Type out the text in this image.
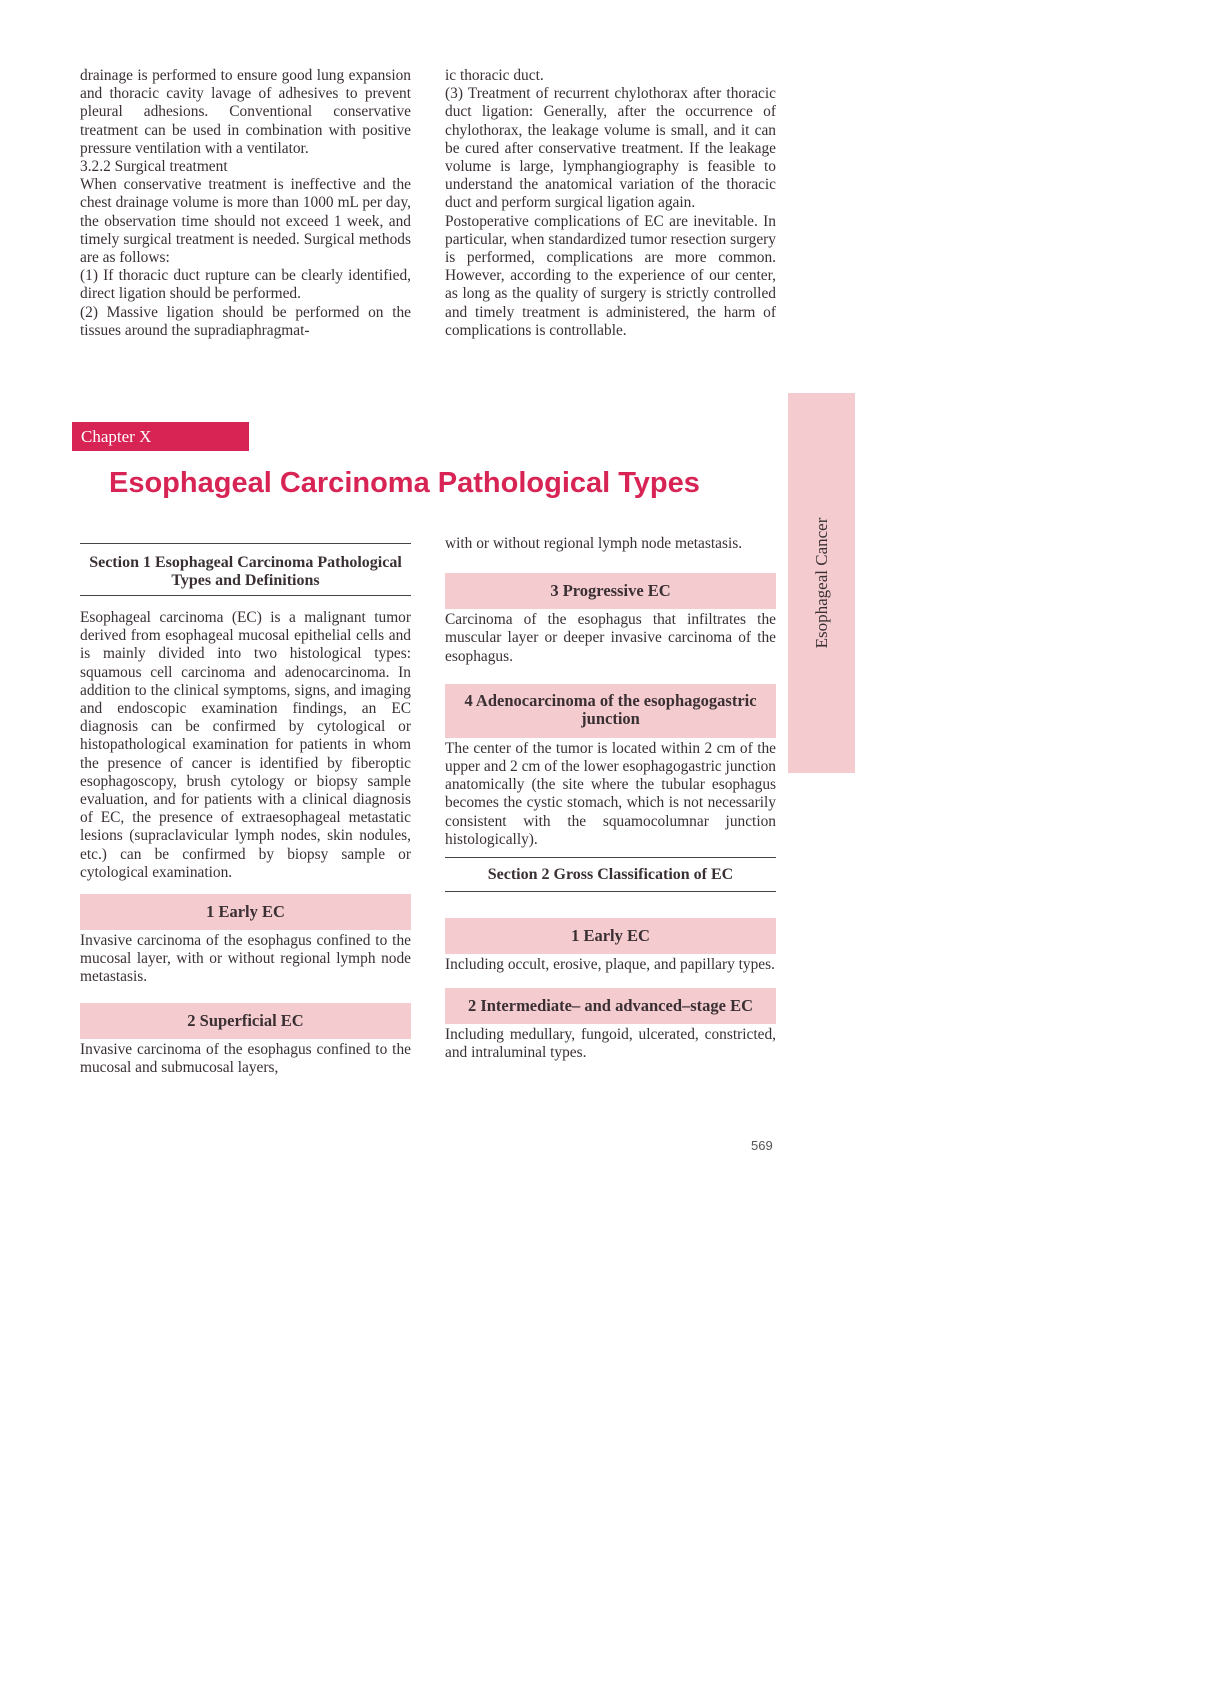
drainage is performed to ensure good lung expansion and thoracic cavity lavage of adhesives to prevent pleural adhesions. Conventional conservative treatment can be used in combination with positive pressure ventilation with a ventilator.

3.2.2 Surgical treatment

When conservative treatment is ineffective and the chest drainage volume is more than 1000 mL per day, the observation time should not exceed 1 week, and timely surgical treatment is needed. Surgical methods are as follows:

(1) If thoracic duct rupture can be clearly identified, direct ligation should be performed.

(2) Massive ligation should be performed on the tissues around the supradiaphragmat-

ic thoracic duct.

(3) Treatment of recurrent chylothorax after thoracic duct ligation: Generally, after the occurrence of chylothorax, the leakage volume is small, and it can be cured after conservative treatment. If the leakage volume is large, lymphangiography is feasible to understand the anatomical variation of the thoracic duct and perform surgical ligation again.

Postoperative complications of EC are inevitable. In particular, when standardized tumor resection surgery is performed, complications are more common. However, according to the experience of our center, as long as the quality of surgery is strictly controlled and timely treatment is administered, the harm of complications is controllable.

Chapter X
Esophageal Carcinoma Pathological Types
Esophageal Cancer
Section 1 Esophageal Carcinoma Pathological Types and Definitions

Esophageal carcinoma (EC) is a malignant tumor derived from esophageal mucosal epithelial cells and is mainly divided into two histological types: squamous cell carcinoma and adenocarcinoma. In addition to the clinical symptoms, signs, and imaging and endoscopic examination findings, an EC diagnosis can be confirmed by cytological or histopathological examination for patients in whom the presence of cancer is identified by fiberoptic esophagoscopy, brush cytology or biopsy sample evaluation, and for patients with a clinical diagnosis of EC, the presence of extraesophageal metastatic lesions (supraclavicular lymph nodes, skin nodules, etc.) can be confirmed by biopsy sample or cytological examination.

1 Early EC

Invasive carcinoma of the esophagus confined to the mucosal layer, with or without regional lymph node metastasis.

2 Superficial EC

Invasive carcinoma of the esophagus confined to the mucosal and submucosal layers,

with or without regional lymph node metastasis.

3 Progressive EC

Carcinoma of the esophagus that infiltrates the muscular layer or deeper invasive carcinoma of the esophagus.

4 Adenocarcinoma of the esophagogastric junction

The center of the tumor is located within 2 cm of the upper and 2 cm of the lower esophagogastric junction anatomically (the site where the tubular esophagus becomes the cystic stomach, which is not necessarily consistent with the squamocolumnar junction histologically).

Section 2 Gross Classification of EC
1 Early EC

Including occult, erosive, plaque, and papillary types.

2 Intermediate– and advanced–stage EC

Including medullary, fungoid, ulcerated, constricted, and intraluminal types.

569
